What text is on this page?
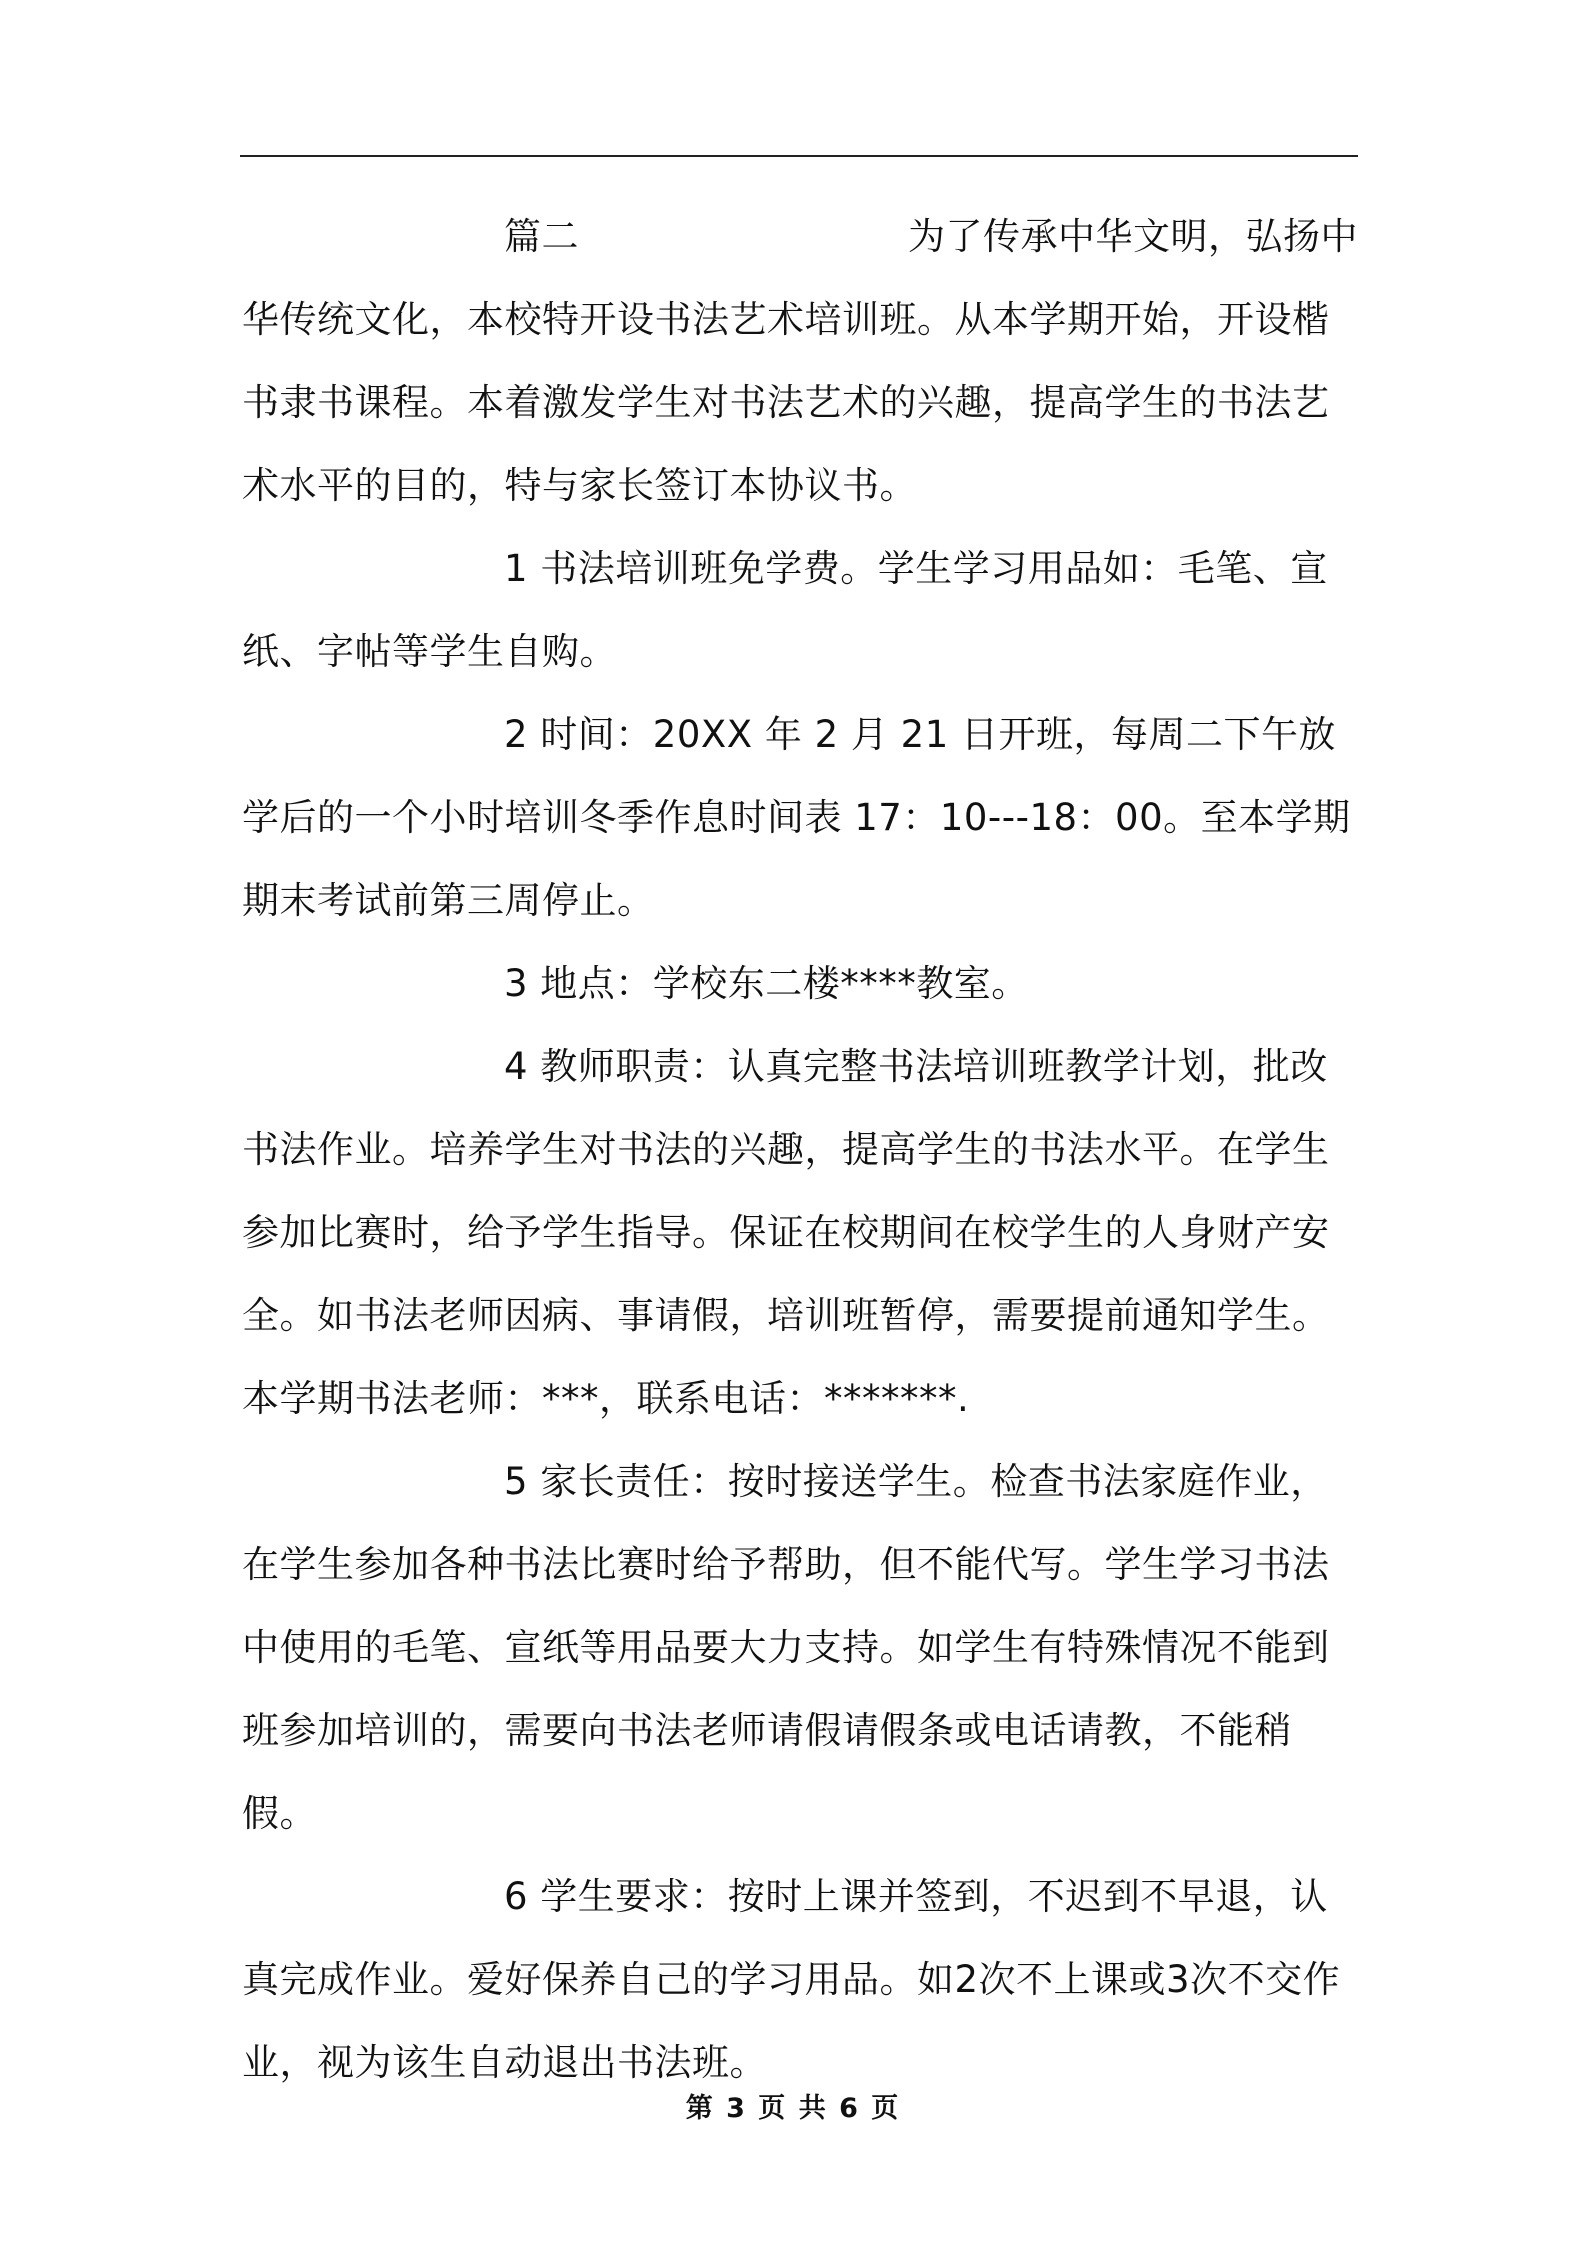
篇二	为了传承中华文明，弘扬中

华传统文化，本校特开设书法艺术培训班。从本学期开始，开设楷书隶书课程。本着激发学生对书法艺术的兴趣，提高学生的书法艺术水平的目的，特与家长签订本协议书。

1 书法培训班免学费。学生学习用品如：毛笔、宣纸、字帖等学生自购。

2 时间：20XX 年 2 月 21 日开班，每周二下午放学后的一个小时培训冬季作息时间表 17：10---18：00。至本学期期末考试前第三周停止。

3 地点：学校东二楼****教室。

4 教师职责：认真完整书法培训班教学计划，批改书法作业。培养学生对书法的兴趣，提高学生的书法水平。在学生参加比赛时，给予学生指导。保证在校期间在校学生的人身财产安全。如书法老师因病、事请假，培训班暂停，需要提前通知学生。本学期书法老师：***，联系电话：*******.

5 家长责任：按时接送学生。检查书法家庭作业，在学生参加各种书法比赛时给予帮助，但不能代写。学生学习书法中使用的毛笔、宣纸等用品要大力支持。如学生有特殊情况不能到班参加培训的，需要向书法老师请假请假条或电话请教，不能稍假。

6 学生要求：按时上课并签到，不迟到不早退，认真完成作业。爱好保养自己的学习用品。如2次不上课或3次不交作业，视为该生自动退出书法班。

第 3 页 共 6 页
